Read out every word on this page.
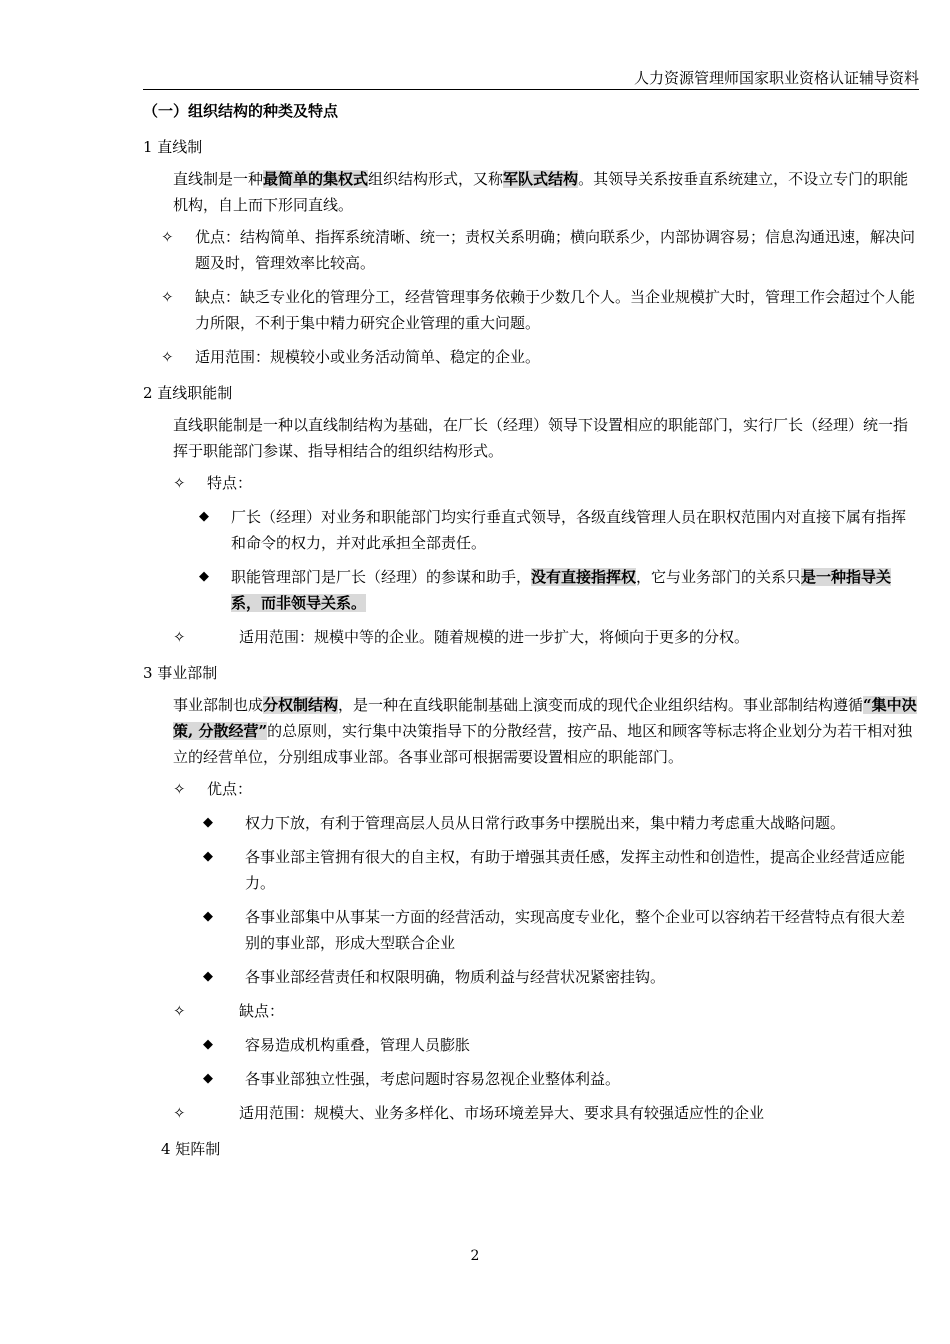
人力资源管理师国家职业资格认证辅导资料

（一）组织结构的种类及特点

1 直线制

直线制是一种最简单的集权式组织结构形式，又称军队式结构。其领导关系按垂直系统建立，不设立专门的职能机构，自上而下形同直线。

✧ 优点：结构简单、指挥系统清晰、统一；责权关系明确；横向联系少，内部协调容易；信息沟通迅速，解决问题及时，管理效率比较高。

✧ 缺点：缺乏专业化的管理分工，经营管理事务依赖于少数几个人。当企业规模扩大时，管理工作会超过个人能力所限，不利于集中精力研究企业管理的重大问题。

✧ 适用范围：规模较小或业务活动简单、稳定的企业。

2 直线职能制

直线职能制是一种以直线制结构为基础，在厂长（经理）领导下设置相应的职能部门，实行厂长（经理）统一指挥于职能部门参谋、指导相结合的组织结构形式。

✧ 特点：

◆ 厂长（经理）对业务和职能部门均实行垂直式领导，各级直线管理人员在职权范围内对直接下属有指挥和命令的权力，并对此承担全部责任。

◆ 职能管理部门是厂长（经理）的参谋和助手，没有直接指挥权，它与业务部门的关系只是一种指导关系，而非领导关系。

✧	适用范围：规模中等的企业。随着规模的进一步扩大，将倾向于更多的分权。

3 事业部制

事业部制也成分权制结构，是一种在直线职能制基础上演变而成的现代企业组织结构。事业部制结构遵循“集中决策, 分散经营”的总原则，实行集中决策指导下的分散经营，按产品、地区和顾客等标志将企业划分为若干相对独立的经营单位，分别组成事业部。各事业部可根据需要设置相应的职能部门。

✧ 优点：

◆ 权力下放，有利于管理高层人员从日常行政事务中摆脱出来，集中精力考虑重大战略问题。

◆ 各事业部主管拥有很大的自主权，有助于增强其责任感，发挥主动性和创造性，提高企业经营适应能力。

◆ 各事业部集中从事某一方面的经营活动，实现高度专业化，整个企业可以容纳若干经营特点有很大差别的事业部，形成大型联合企业

◆ 各事业部经营责任和权限明确，物质利益与经营状况紧密挂钩。

✧	缺点：

◆ 容易造成机构重叠，管理人员膨胀

◆ 各事业部独立性强，考虑问题时容易忽视企业整体利益。

✧	适用范围：规模大、业务多样化、市场环境差异大、要求具有较强适应性的企业

4 矩阵制

2
